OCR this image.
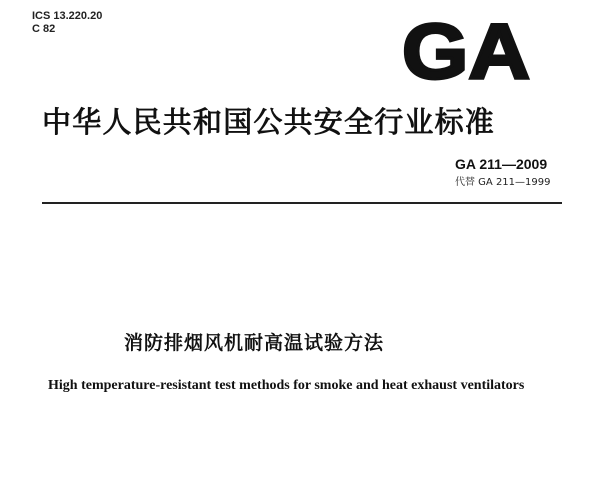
ICS 13.220.20
C 82	GA
中华人民共和国公共安全行业标准
GA 211—2009
代替 GA 211—1999
消防排烟风机耐高温试验方法
High temperature-resistant test methods for smoke and heat exhaust ventilators
